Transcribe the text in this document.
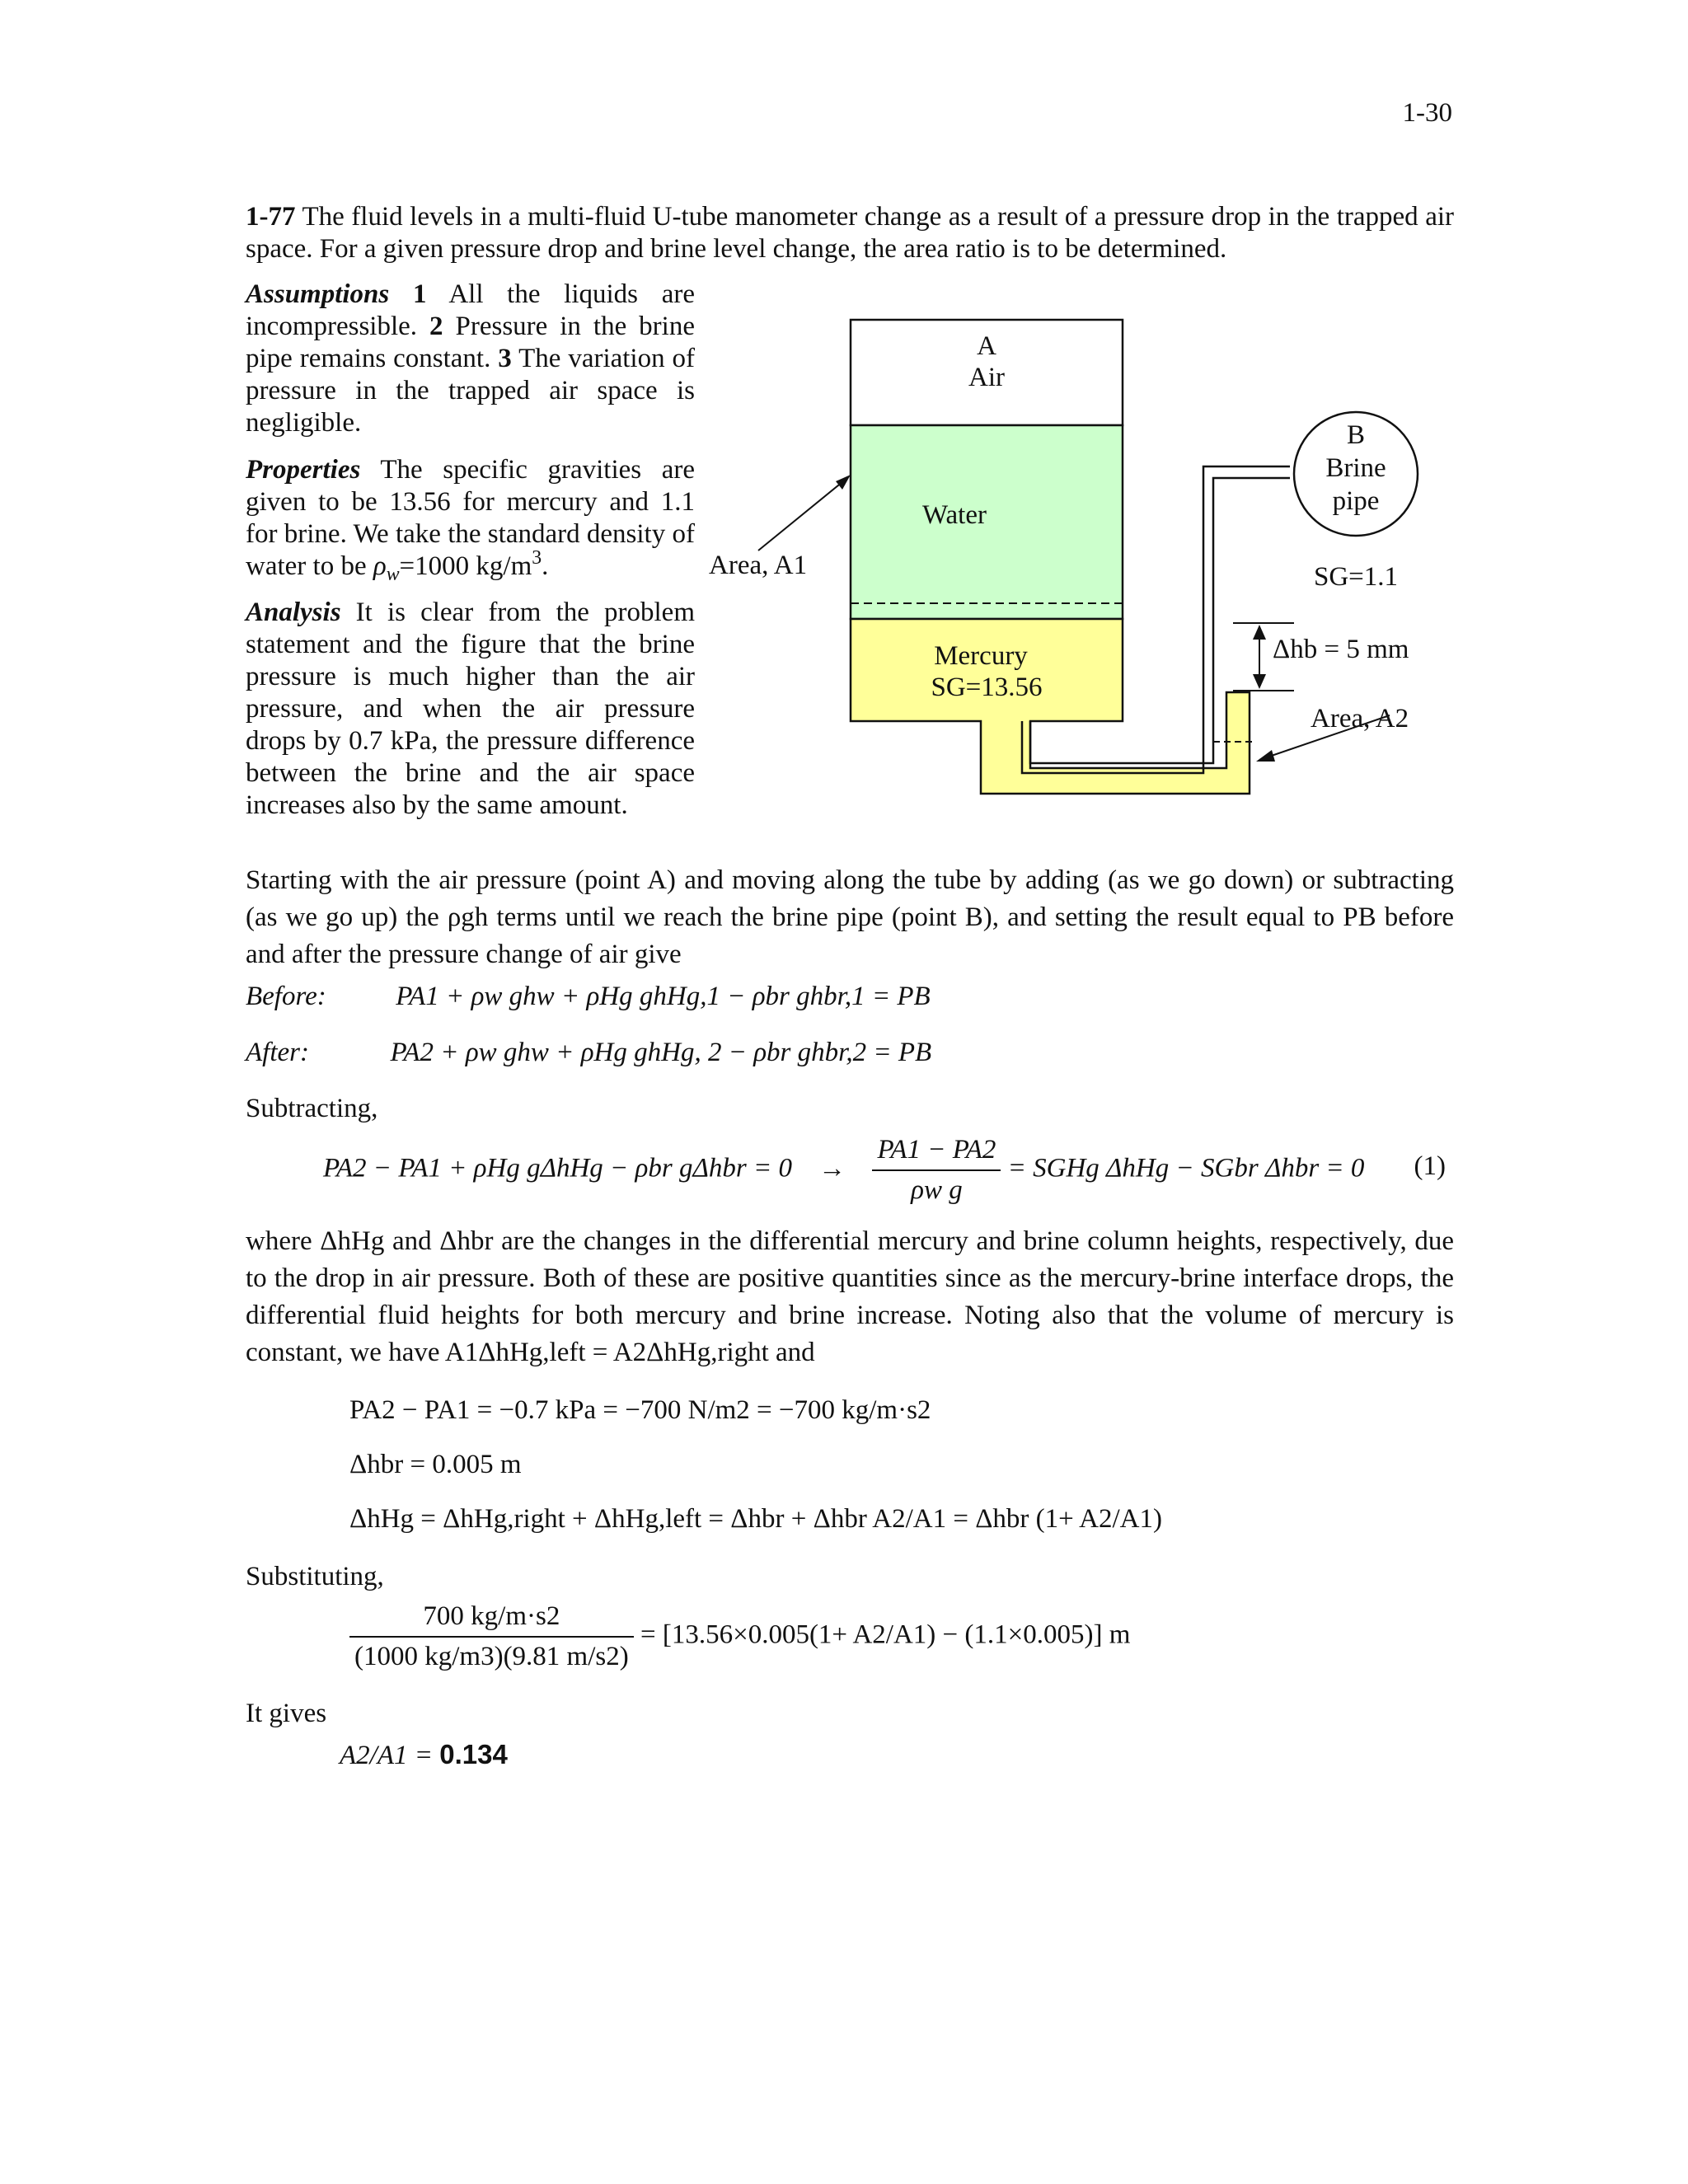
1-30
1-77 The fluid levels in a multi-fluid U-tube manometer change as a result of a pressure drop in the trapped air space. For a given pressure drop and brine level change, the area ratio is to be determined.

Assumptions 1 All the liquids are incompressible. 2 Pressure in the brine pipe remains constant. 3 The variation of pressure in the trapped air space is negligible.

Properties The specific gravities are given to be 13.56 for mercury and 1.1 for brine. We take the standard density of water to be $\rho_w=1000$ $kg/m^3$.

Analysis It is clear from the problem statement and the figure that the brine pressure is much higher than the air pressure, and when the air pressure drops by 0.7 kPa, the pressure difference between the brine and the air space increases also by the same amount.

B
Brine
pipe
SG=1.1
A
Air
Water
Mercury
SG=13.56
Area, A1
Δhb = 5 mm
Area, A2
Starting with the air pressure (point A) and moving along the tube by adding (as we go down) or subtracting (as we go up) the ρgh terms until we reach the brine pipe (point B), and setting the result equal to PB before and after the pressure change of air give
Before:	PA1 + ρw ghw + ρHg ghHg,1 − ρbr ghbr,1 = PB
After:	PA2 + ρw ghw + ρHg ghHg, 2 − ρbr ghbr,2 = PB
Subtracting,
PA2 − PA1 + ρHg gΔhHg − ρbr $g\Delta hbr = 0 \to \frac{PA1 - PA2}{\text{ρw g}}$ = SGHg ΔhHg − SGbr Δhbr = 0 (1)
where ΔhHg and Δhbr are the changes in the differential mercury and brine column heights, respectively, due to the drop in air pressure. Both of these are positive quantities since as the mercury-brine interface drops, the differential fluid heights for both mercury and brine increase. Noting also that the volume of mercury is constant, we have A1ΔhHg,left = A2ΔhHg,right and
PA2 − PA1 = −0.7 kPa = −700 N/m2 = −700 kg/m·s2
Δhbr = 0.005 m
ΔhHg = ΔhHg,right + ΔhHg,left = Δhbr + Δhbr A2/A1 = Δhbr (1+ A2/A1)
Substituting,
$\frac{700 kg/m\cdot s2}{(1000 kg/m3)(9.81 m/s2)} = [13.56\times 0.005(1+ A2/A1) - (1.1\times 0.005)]$ m
It gives
A2/A1 = 0.134
